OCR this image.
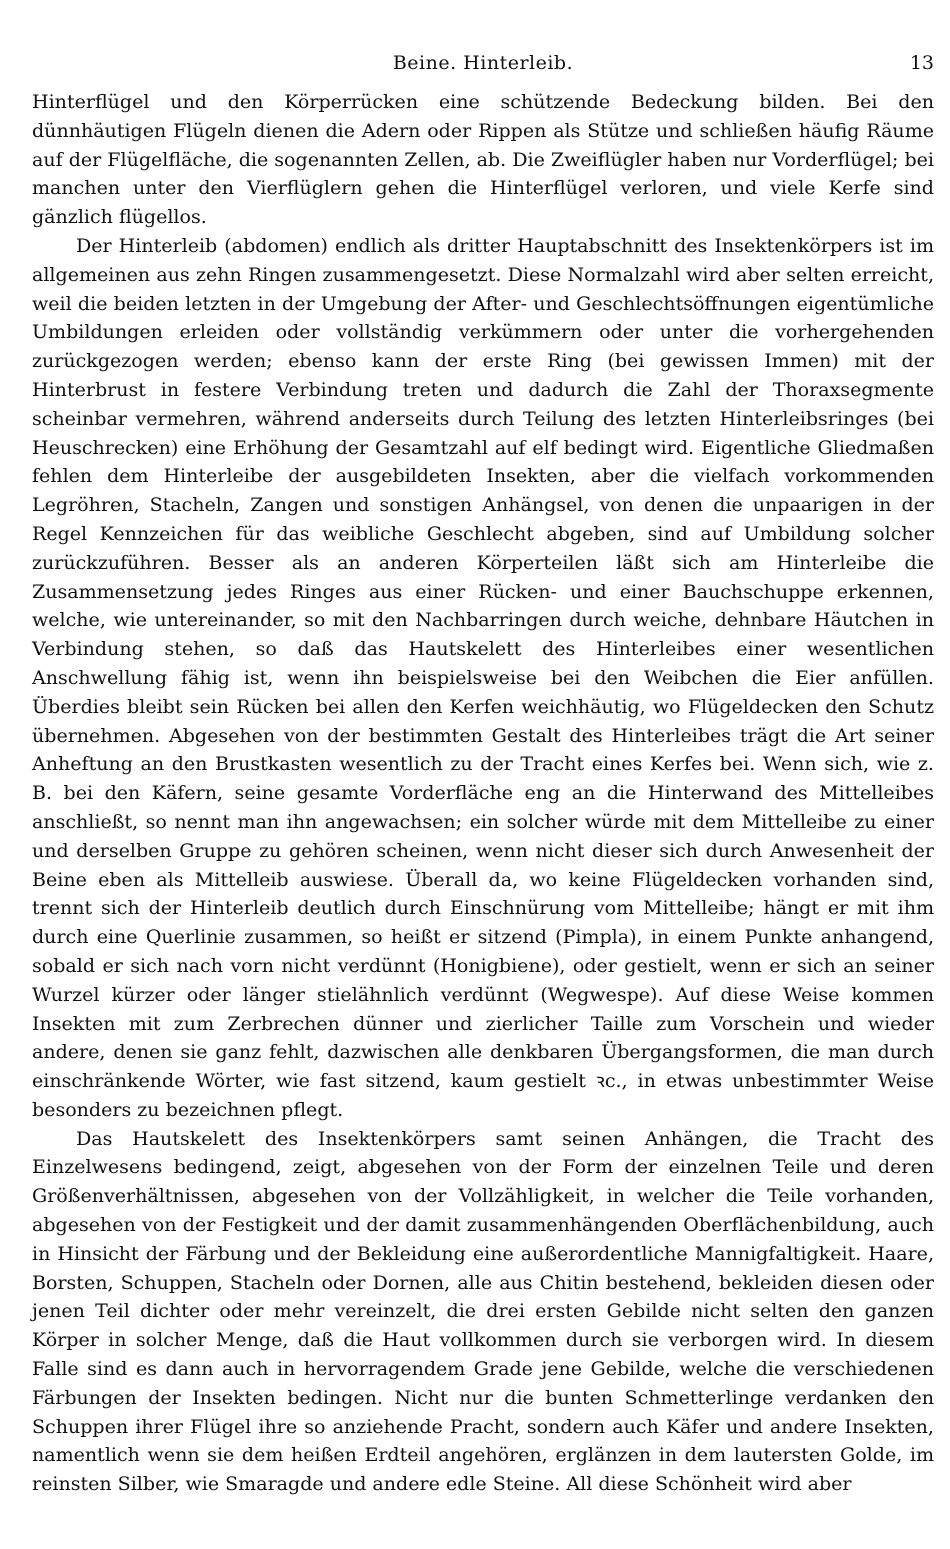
Beine. Hinterleib.	13

Hinterflügel und den Körperrücken eine schützende Bedeckung bilden. Bei den dünnhäutigen Flügeln dienen die Adern oder Rippen als Stütze und schließen häufig Räume auf der Flügelfläche, die sogenannten Zellen, ab. Die Zweiflügler haben nur Vorderflügel; bei manchen unter den Vierflüglern gehen die Hinterflügel verloren, und viele Kerfe sind gänzlich flügellos.

Der Hinterleib (abdomen) endlich als dritter Hauptabschnitt des Insektenkörpers ist im allgemeinen aus zehn Ringen zusammengesetzt. Diese Normalzahl wird aber selten erreicht, weil die beiden letzten in der Umgebung der After- und Geschlechtsöffnungen eigentümliche Umbildungen erleiden oder vollständig verkümmern oder unter die vorhergehenden zurückgezogen werden; ebenso kann der erste Ring (bei gewissen Immen) mit der Hinterbrust in festere Verbindung treten und dadurch die Zahl der Thoraxsegmente scheinbar vermehren, während anderseits durch Teilung des letzten Hinterleibsringes (bei Heuschrecken) eine Erhöhung der Gesamtzahl auf elf bedingt wird. Eigentliche Gliedmaßen fehlen dem Hinterleibe der ausgebildeten Insekten, aber die vielfach vorkommenden Legröhren, Stacheln, Zangen und sonstigen Anhängsel, von denen die unpaarigen in der Regel Kennzeichen für das weibliche Geschlecht abgeben, sind auf Umbildung solcher zurückzuführen. Besser als an anderen Körperteilen läßt sich am Hinterleibe die Zusammensetzung jedes Ringes aus einer Rücken- und einer Bauchschuppe erkennen, welche, wie untereinander, so mit den Nachbarringen durch weiche, dehnbare Häutchen in Verbindung stehen, so daß das Hautskelett des Hinterleibes einer wesentlichen Anschwellung fähig ist, wenn ihn beispielsweise bei den Weibchen die Eier anfüllen. Überdies bleibt sein Rücken bei allen den Kerfen weichhäutig, wo Flügeldecken den Schutz übernehmen. Abgesehen von der bestimmten Gestalt des Hinterleibes trägt die Art seiner Anheftung an den Brustkasten wesentlich zu der Tracht eines Kerfes bei. Wenn sich, wie z. B. bei den Käfern, seine gesamte Vorderfläche eng an die Hinterwand des Mittelleibes anschließt, so nennt man ihn angewachsen; ein solcher würde mit dem Mittelleibe zu einer und derselben Gruppe zu gehören scheinen, wenn nicht dieser sich durch Anwesenheit der Beine eben als Mittelleib auswiese. Überall da, wo keine Flügeldecken vorhanden sind, trennt sich der Hinterleib deutlich durch Einschnürung vom Mittelleibe; hängt er mit ihm durch eine Querlinie zusammen, so heißt er sitzend (Pimpla), in einem Punkte anhangend, sobald er sich nach vorn nicht verdünnt (Honigbiene), oder gestielt, wenn er sich an seiner Wurzel kürzer oder länger stielähnlich verdünnt (Wegwespe). Auf diese Weise kommen Insekten mit zum Zerbrechen dünner und zierlicher Taille zum Vorschein und wieder andere, denen sie ganz fehlt, dazwischen alle denkbaren Übergangsformen, die man durch einschränkende Wörter, wie fast sitzend, kaum gestielt ꝛc., in etwas unbestimmter Weise besonders zu bezeichnen pflegt.

Das Hautskelett des Insektenkörpers samt seinen Anhängen, die Tracht des Einzelwesens bedingend, zeigt, abgesehen von der Form der einzelnen Teile und deren Größenverhältnissen, abgesehen von der Vollzähligkeit, in welcher die Teile vorhanden, abgesehen von der Festigkeit und der damit zusammenhängenden Oberflächenbildung, auch in Hinsicht der Färbung und der Bekleidung eine außerordentliche Mannigfaltigkeit. Haare, Borsten, Schuppen, Stacheln oder Dornen, alle aus Chitin bestehend, bekleiden diesen oder jenen Teil dichter oder mehr vereinzelt, die drei ersten Gebilde nicht selten den ganzen Körper in solcher Menge, daß die Haut vollkommen durch sie verborgen wird. In diesem Falle sind es dann auch in hervorragendem Grade jene Gebilde, welche die verschiedenen Färbungen der Insekten bedingen. Nicht nur die bunten Schmetterlinge verdanken den Schuppen ihrer Flügel ihre so anziehende Pracht, sondern auch Käfer und andere Insekten, namentlich wenn sie dem heißen Erdteil angehören, erglänzen in dem lautersten Golde, im reinsten Silber, wie Smaragde und andere edle Steine. All diese Schönheit wird aber
